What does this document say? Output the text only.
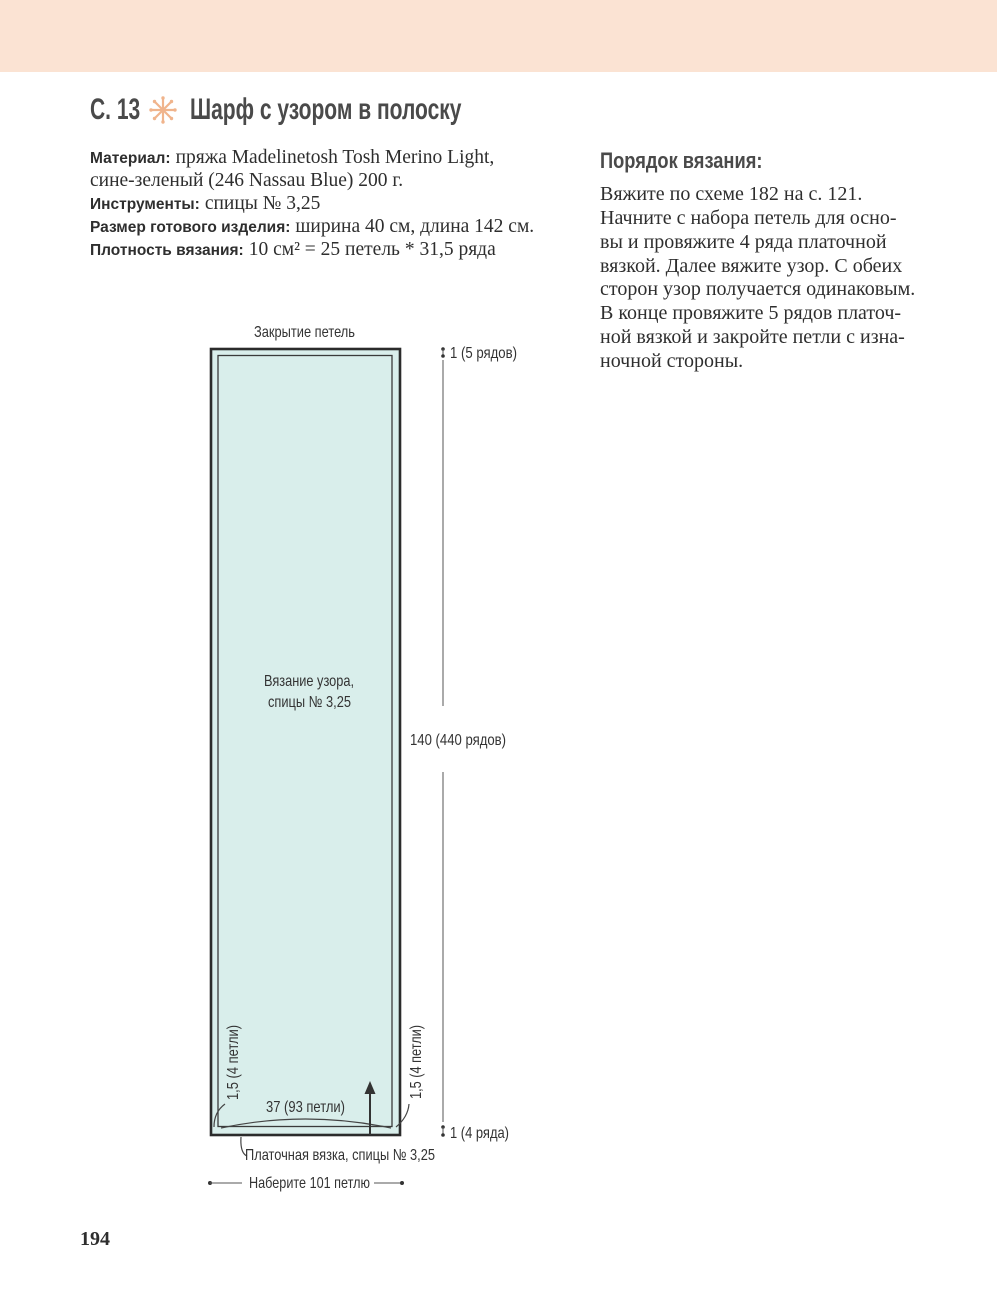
С. 13 Шарф с узором в полоску
Материал: пряжа Madelinetosh Tosh Merino Light,
сине-зеленый (246 Nassau Blue) 200 г.
Инструменты: спицы № 3,25
Размер готового изделия: ширина 40 см, длина 142 см.
Плотность вязания: 10 см² = 25 петель * 31,5 ряда
Порядок вязания:
Вяжите по схеме 182 на с. 121.
Начните с набора петель для осно-
вы и провяжите 4 ряда платочной
вязкой. Далее вяжите узор. С обеих
сторон узор получается одинаковым.
В конце провяжите 5 рядов платоч-
ной вязкой и закройте петли с изна-
ночной стороны.
Закрытие петель
Вязание узора,
спицы № 3,25
1 (5 рядов)
140 (440 рядов)
1 (4 ряда)
1,5 (4 петли)	1,5 (4 петли)
37 (93 петли)
Платочная вязка, спицы № 3,25
Наберите 101 петлю
194
